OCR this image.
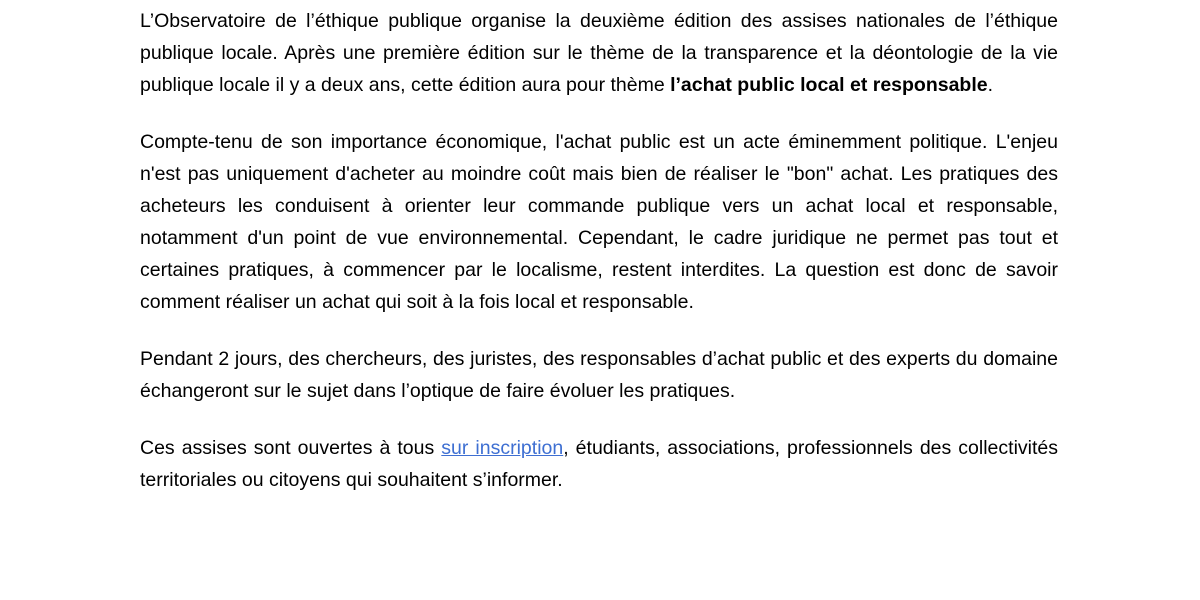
L’Observatoire de l’éthique publique organise la deuxième édition des assises nationales de l’éthique publique locale. Après une première édition sur le thème de la transparence et la déontologie de la vie publique locale il y a deux ans, cette édition aura pour thème l’achat public local et responsable.

Compte-tenu de son importance économique, l'achat public est un acte éminemment politique. L'enjeu n'est pas uniquement d'acheter au moindre coût mais bien de réaliser le "bon" achat. Les pratiques des acheteurs les conduisent à orienter leur commande publique vers un achat local et responsable, notamment d'un point de vue environnemental. Cependant, le cadre juridique ne permet pas tout et certaines pratiques, à commencer par le localisme, restent interdites. La question est donc de savoir comment réaliser un achat qui soit à la fois local et responsable.

Pendant 2 jours, des chercheurs, des juristes, des responsables d’achat public et des experts du domaine échangeront sur le sujet dans l’optique de faire évoluer les pratiques.

Ces assises sont ouvertes à tous sur inscription, étudiants, associations, professionnels des collectivités territoriales ou citoyens qui souhaitent s’informer.
